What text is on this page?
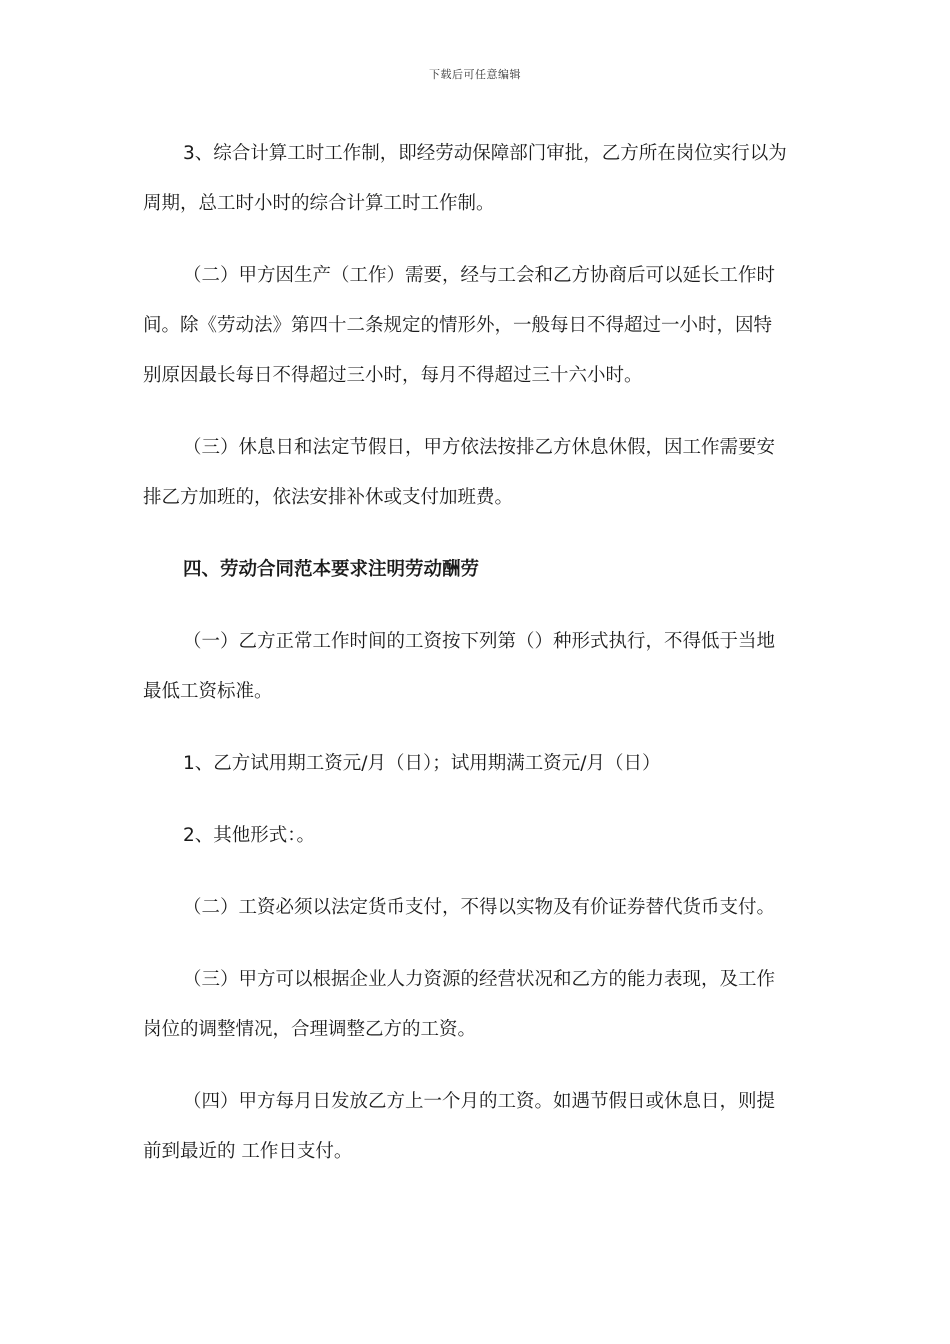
下载后可任意编辑

3、综合计算工时工作制，即经劳动保障部门审批，乙方所在岗位实行以为
周期，总工时小时的综合计算工时工作制。

（二）甲方因生产（工作）需要，经与工会和乙方协商后可以延长工作时
间。除《劳动法》第四十二条规定的情形外，一般每日不得超过一小时，因特
别原因最长每日不得超过三小时，每月不得超过三十六小时。

（三）休息日和法定节假日，甲方依法按排乙方休息休假，因工作需要安
排乙方加班的，依法安排补休或支付加班费。

四、劳动合同范本要求注明劳动酬劳

（一）乙方正常工作时间的工资按下列第（）种形式执行，不得低于当地
最低工资标准。

1、乙方试用期工资元/月（日）；试用期满工资元/月（日）

2、其他形式：。

（二）工资必须以法定货币支付，不得以实物及有价证券替代货币支付。

（三）甲方可以根据企业人力资源的经营状况和乙方的能力表现，及工作
岗位的调整情况，合理调整乙方的工资。

（四）甲方每月日发放乙方上一个月的工资。如遇节假日或休息日，则提
前到最近的 工作日支付。
